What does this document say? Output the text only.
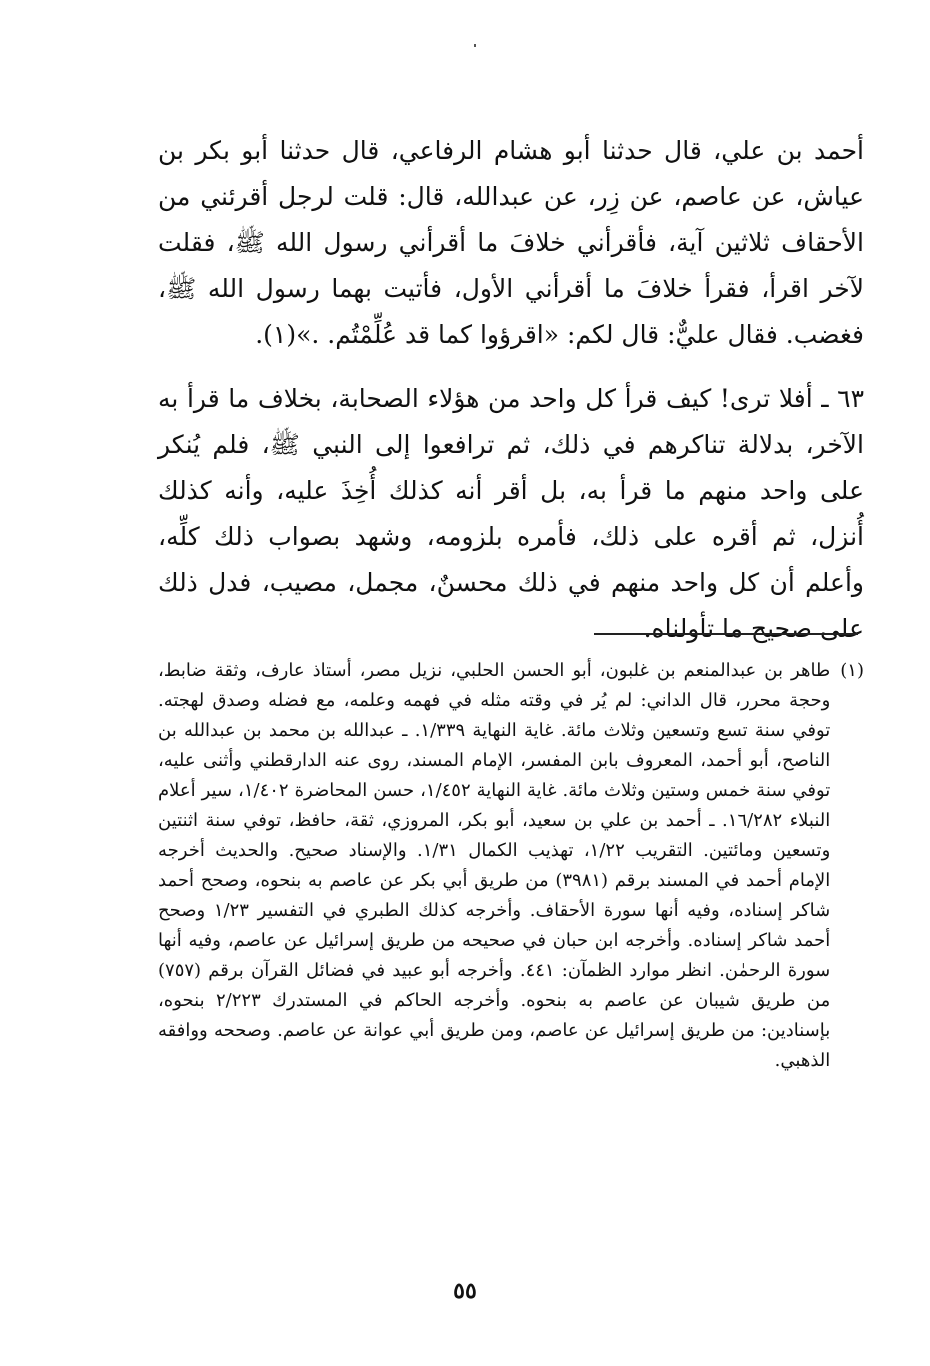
أحمد بن علي، قال حدثنا أبو هشام الرفاعي، قال حدثنا أبو بكر بن عياش، عن عاصم، عن زِر، عن عبدالله، قال: قلت لرجل أقرئني من الأحقاف ثلاثين آية، فأقرأني خلافَ ما أقرأني رسول الله ﷺ، فقلت لآخر اقرأ، فقرأ خلافَ ما أقرأني الأول، فأتيت بهما رسول الله ﷺ، فغضب. فقال عليٌّ: قال لكم: «اقرؤوا كما قد عُلِّمْتُم. .»(١).

٦٣ ـ أفلا ترى! كيف قرأ كل واحد من هؤلاء الصحابة، بخلاف ما قرأ به الآخر، بدلالة تناكرهم في ذلك، ثم ترافعوا إلى النبي ﷺ، فلم يُنكر على واحد منهم ما قرأ به، بل أقر أنه كذلك أُخِذَ عليه، وأنه كذلك أُنزل، ثم أقره على ذلك، فأمره بلزومه، وشهد بصواب ذلك كلِّه، وأعلم أن كل واحد منهم في ذلك محسنٌ، مجمل، مصيب، فدل ذلك على صحيح ما تأولناه.

(١)
طاهر بن عبدالمنعم بن غلبون، أبو الحسن الحلبي، نزيل مصر، أستاذ عارف، وثقة ضابط، وحجة محرر، قال الداني: لم يُر في وقته مثله في فهمه وعلمه، مع فضله وصدق لهجته. توفي سنة تسع وتسعين وثلاث مائة. غاية النهاية ١/٣٣٩. ـ عبدالله بن محمد بن عبدالله بن الناصح، أبو أحمد، المعروف بابن المفسر، الإمام المسند، روى عنه الدارقطني وأثنى عليه، توفي سنة خمس وستين وثلاث مائة. غاية النهاية ١/٤٥٢، حسن المحاضرة ١/٤٠٢، سير أعلام النبلاء ١٦/٢٨٢. ـ أحمد بن علي بن سعيد، أبو بكر، المروزي، ثقة، حافظ، توفي سنة اثنتين وتسعين ومائتين. التقريب ١/٢٢، تهذيب الكمال ١/٣١. والإسناد صحيح. والحديث أخرجه الإمام أحمد في المسند برقم (٣٩٨١) من طريق أبي بكر عن عاصم به بنحوه، وصحح أحمد شاكر إسناده، وفيه أنها سورة الأحقاف. وأخرجه كذلك الطبري في التفسير ١/٢٣ وصحح أحمد شاكر إسناده. وأخرجه ابن حبان في صحيحه من طريق إسرائيل عن عاصم، وفيه أنها سورة الرحمٰن. انظر موارد الظمآن: ٤٤١. وأخرجه أبو عبيد في فضائل القرآن برقم (٧٥٧) من طريق شيبان عن عاصم به بنحوه. وأخرجه الحاكم في المستدرك ٢/٢٢٣ بنحوه، بإسنادين: من طريق إسرائيل عن عاصم، ومن طريق أبي عوانة عن عاصم. وصححه ووافقه الذهبي.
٥٥
